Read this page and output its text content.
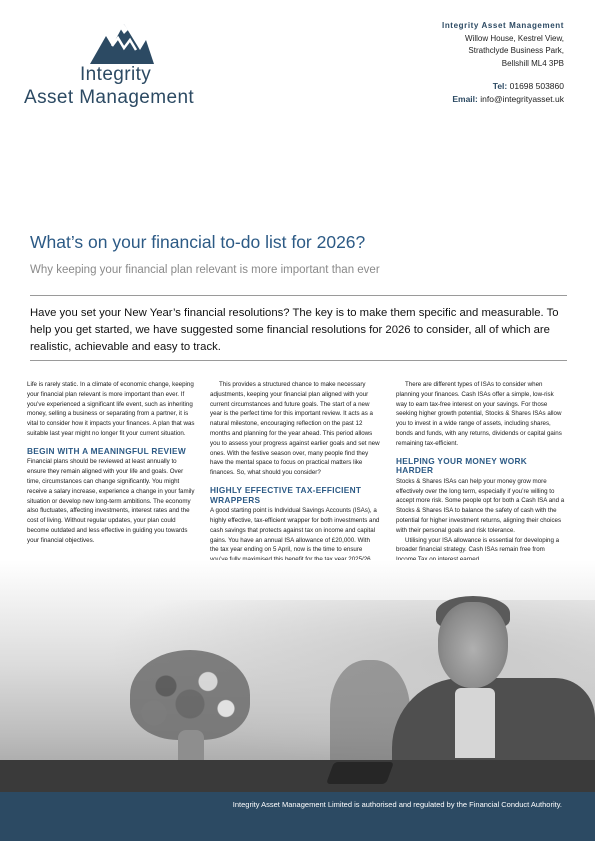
Integrity
Asset Management
Integrity Asset Management
Willow House, Kestrel View,
Strathclyde Business Park,
Bellshill ML4 3PB
Tel: 01698 503860
Email: info@integrityasset.uk
What’s on your financial to-do list for 2026?
Why keeping your financial plan relevant is more important than ever

Have you set your New Year’s financial resolutions? The key is to make them specific and measurable. To help you get started, we have suggested some financial resolutions for 2026 to consider, all of which are realistic, achievable and easy to track.

Life is rarely static. In a climate of economic change, keeping your financial plan relevant is more important than ever. If you’ve experienced a significant life event, such as inheriting money, selling a business or separating from a partner, it is vital to consider how it impacts your finances. A plan that was suitable last year might no longer fit your current situation.

BEGIN WITH A MEANINGFUL REVIEW

Financial plans should be reviewed at least annually to ensure they remain aligned with your life and goals. Over time, circumstances can change significantly. You might receive a salary increase, experience a change in your family situation or develop new long-term ambitions. The economy also fluctuates, affecting investments, interest rates and the cost of living. Without regular updates, your plan could become outdated and less effective in guiding you towards your financial objectives.

This provides a structured chance to make necessary adjustments, keeping your financial plan aligned with your current circumstances and future goals. The start of a new year is the perfect time for this important review. It acts as a natural milestone, encouraging reflection on the past 12 months and planning for the year ahead. This period allows you to assess your progress against earlier goals and set new ones. With the festive season over, many people find they have the mental space to focus on practical matters like finances. So, what should you consider?

HIGHLY EFFECTIVE TAX-EFFICIENT WRAPPERS

A good starting point is Individual Savings Accounts (ISAs), a highly effective, tax-efficient wrapper for both investments and cash savings that protects against tax on income and capital gains. You have an annual ISA allowance of £20,000. With the tax year ending on 5 April, now is the time to ensure

There are different types of ISAs to consider when planning your finances. Cash ISAs offer a simple, low-risk way to earn tax-free interest on your savings. For those seeking higher growth potential, Stocks & Shares ISAs allow you to invest in a wide range of assets, including shares, bonds and funds, with any returns, dividends or capital gains remaining tax-efficient.

HELPING YOUR MONEY WORK HARDER

Stocks & Shares ISAs can help your money grow more effectively over the long term, especially if you’re willing to accept more risk. Some people opt for both a Cash ISA and a Stocks & Shares ISA to balance the safety of cash with the potential for higher investment returns, aligning their choices with their personal goals and risk tolerance.

Utilising your ISA allowance is essential for developing a broader financial strategy. Cash ISAs remain free from

Integrity Asset Management Limited is authorised and regulated by the Financial Conduct Authority.
